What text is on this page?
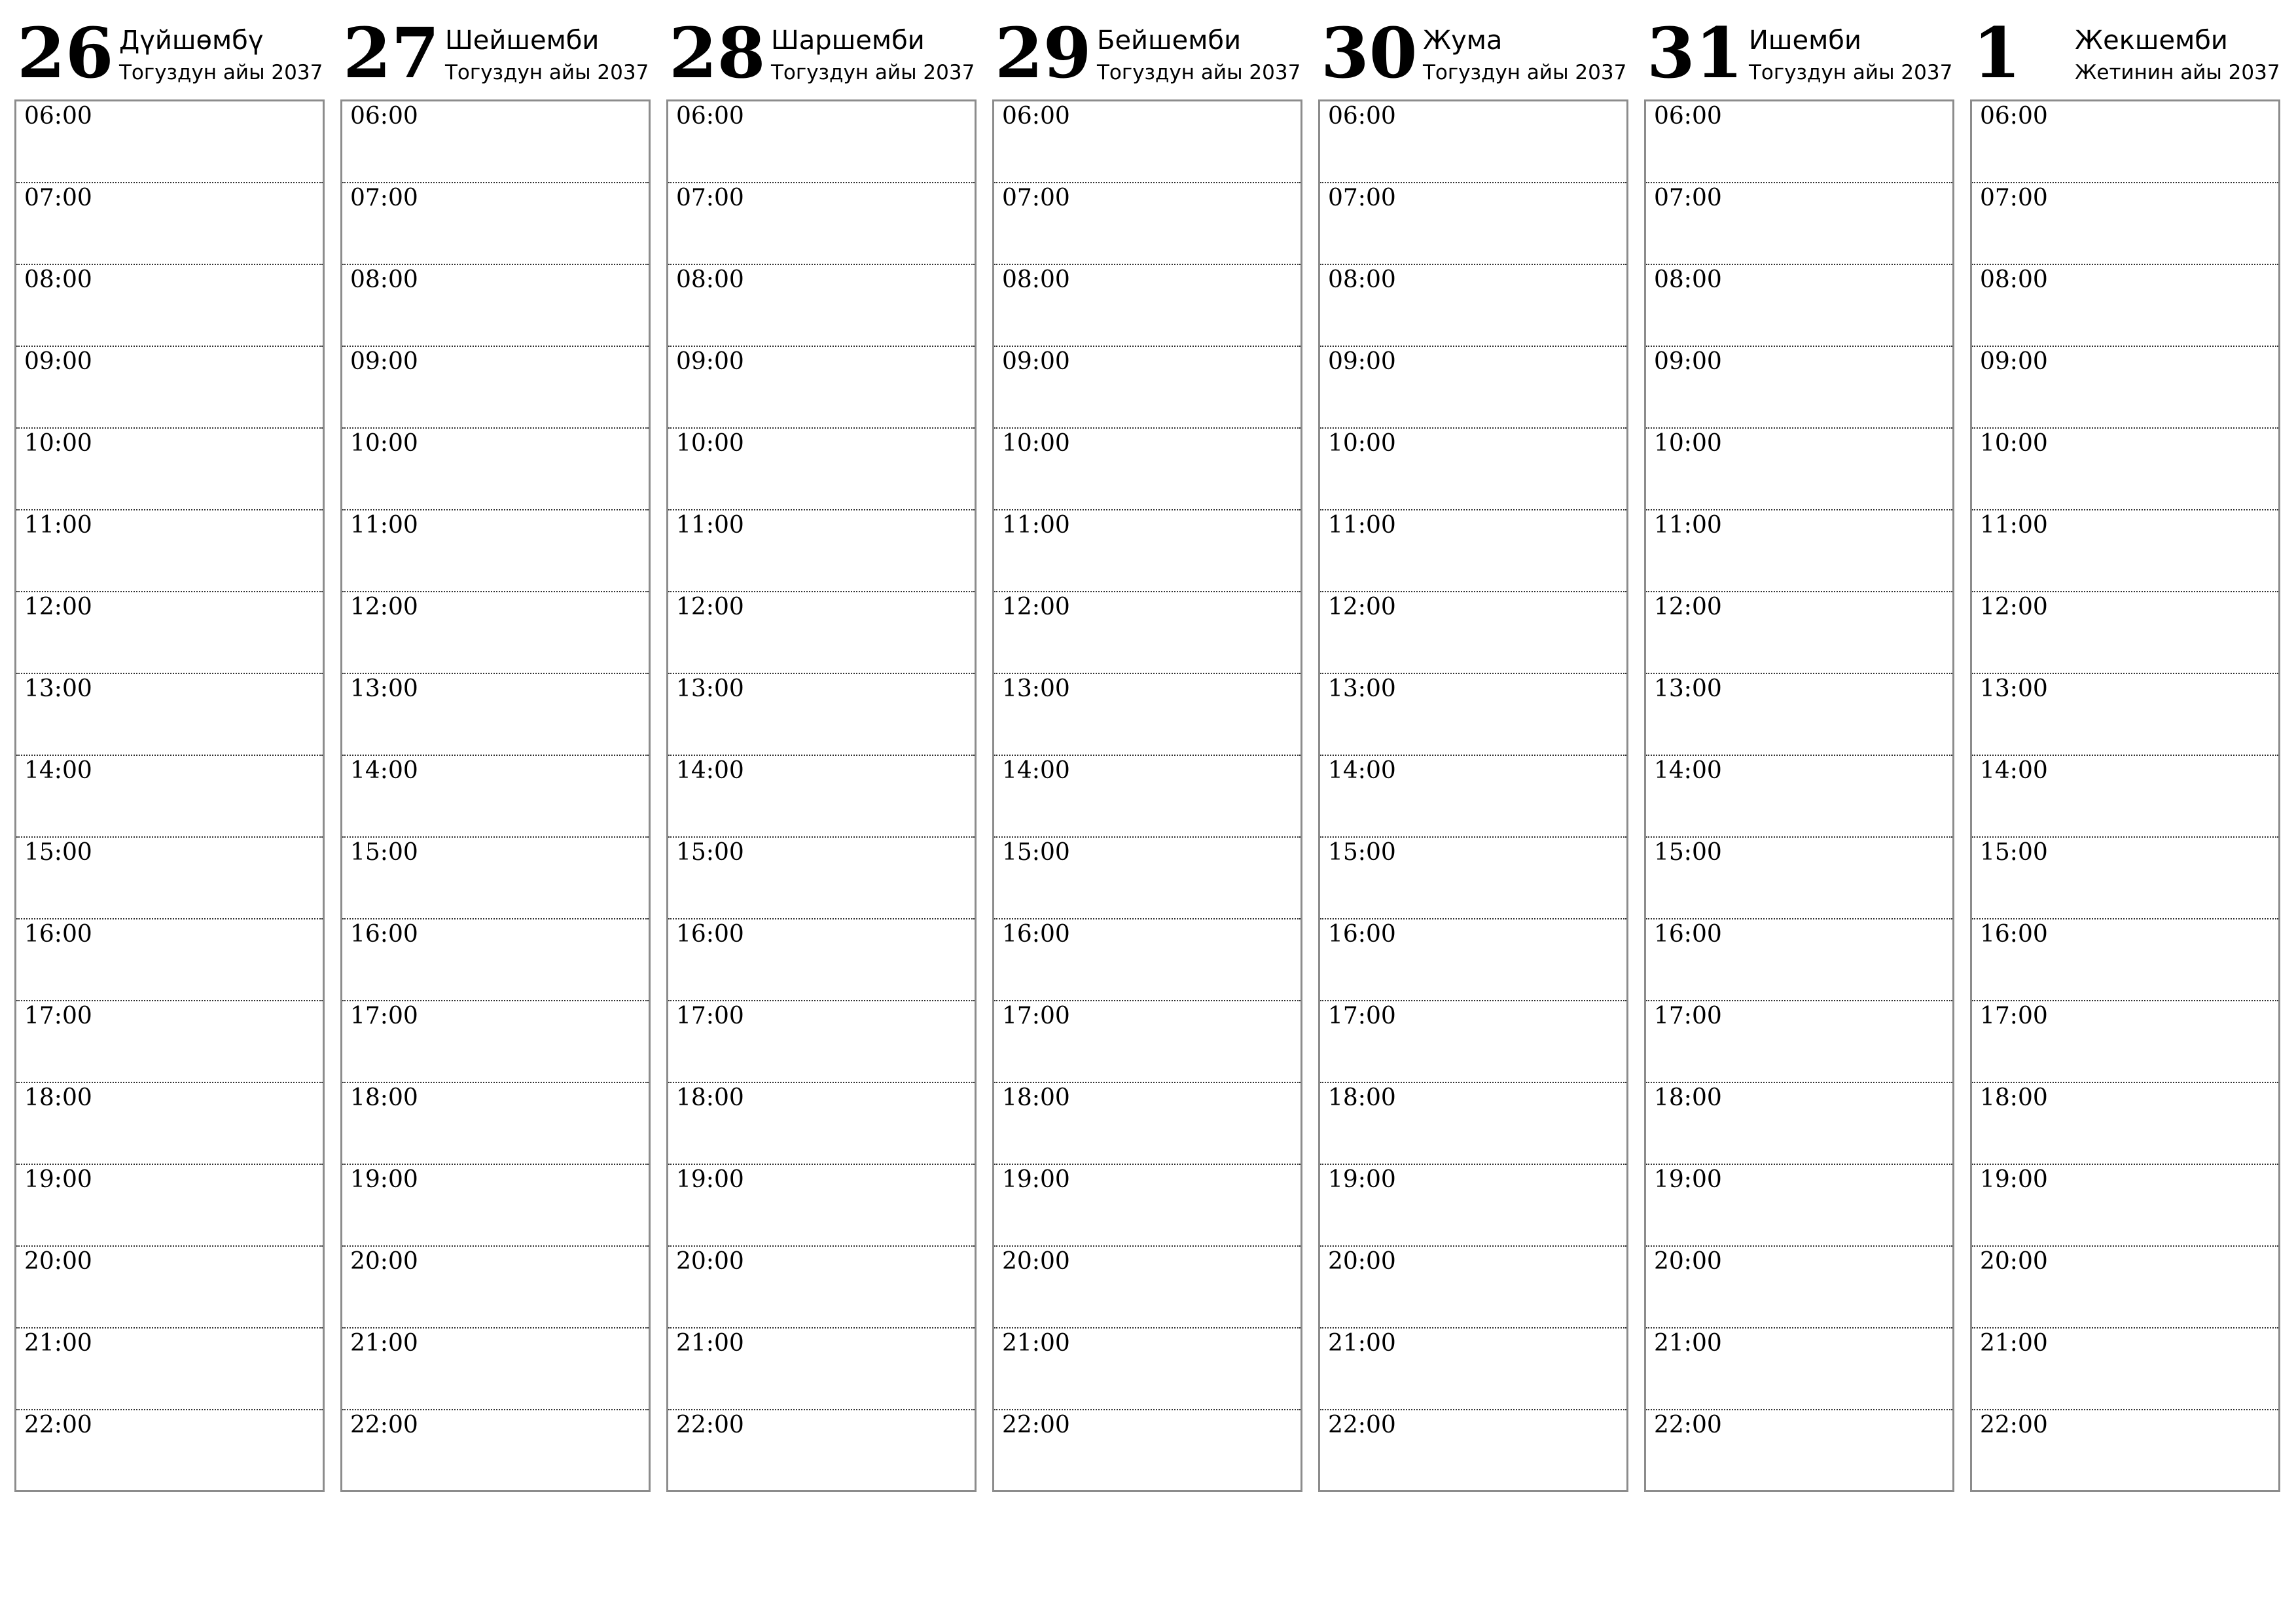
26 Дүйшөмбү
Тогуздун айы 2037
06:00
07:00
08:00
09:00
10:00
11:00
12:00
13:00
14:00
15:00
16:00
17:00
18:00
19:00
20:00
21:00
22:00
27 Шейшемби
Тогуздун айы 2037
06:00
07:00
08:00
09:00
10:00
11:00
12:00
13:00
14:00
15:00
16:00
17:00
18:00
19:00
20:00
21:00
22:00
28 Шаршемби
Тогуздун айы 2037
06:00
07:00
08:00
09:00
10:00
11:00
12:00
13:00
14:00
15:00
16:00
17:00
18:00
19:00
20:00
21:00
22:00
29 Бейшемби
Тогуздун айы 2037
06:00
07:00
08:00
09:00
10:00
11:00
12:00
13:00
14:00
15:00
16:00
17:00
18:00
19:00
20:00
21:00
22:00
30 Жума
Тогуздун айы 2037
06:00
07:00
08:00
09:00
10:00
11:00
12:00
13:00
14:00
15:00
16:00
17:00
18:00
19:00
20:00
21:00
22:00
31 Ишемби
Тогуздун айы 2037
06:00
07:00
08:00
09:00
10:00
11:00
12:00
13:00
14:00
15:00
16:00
17:00
18:00
19:00
20:00
21:00
22:00
1 Жекшемби
Жетинин айы 2037
06:00
07:00
08:00
09:00
10:00
11:00
12:00
13:00
14:00
15:00
16:00
17:00
18:00
19:00
20:00
21:00
22:00
